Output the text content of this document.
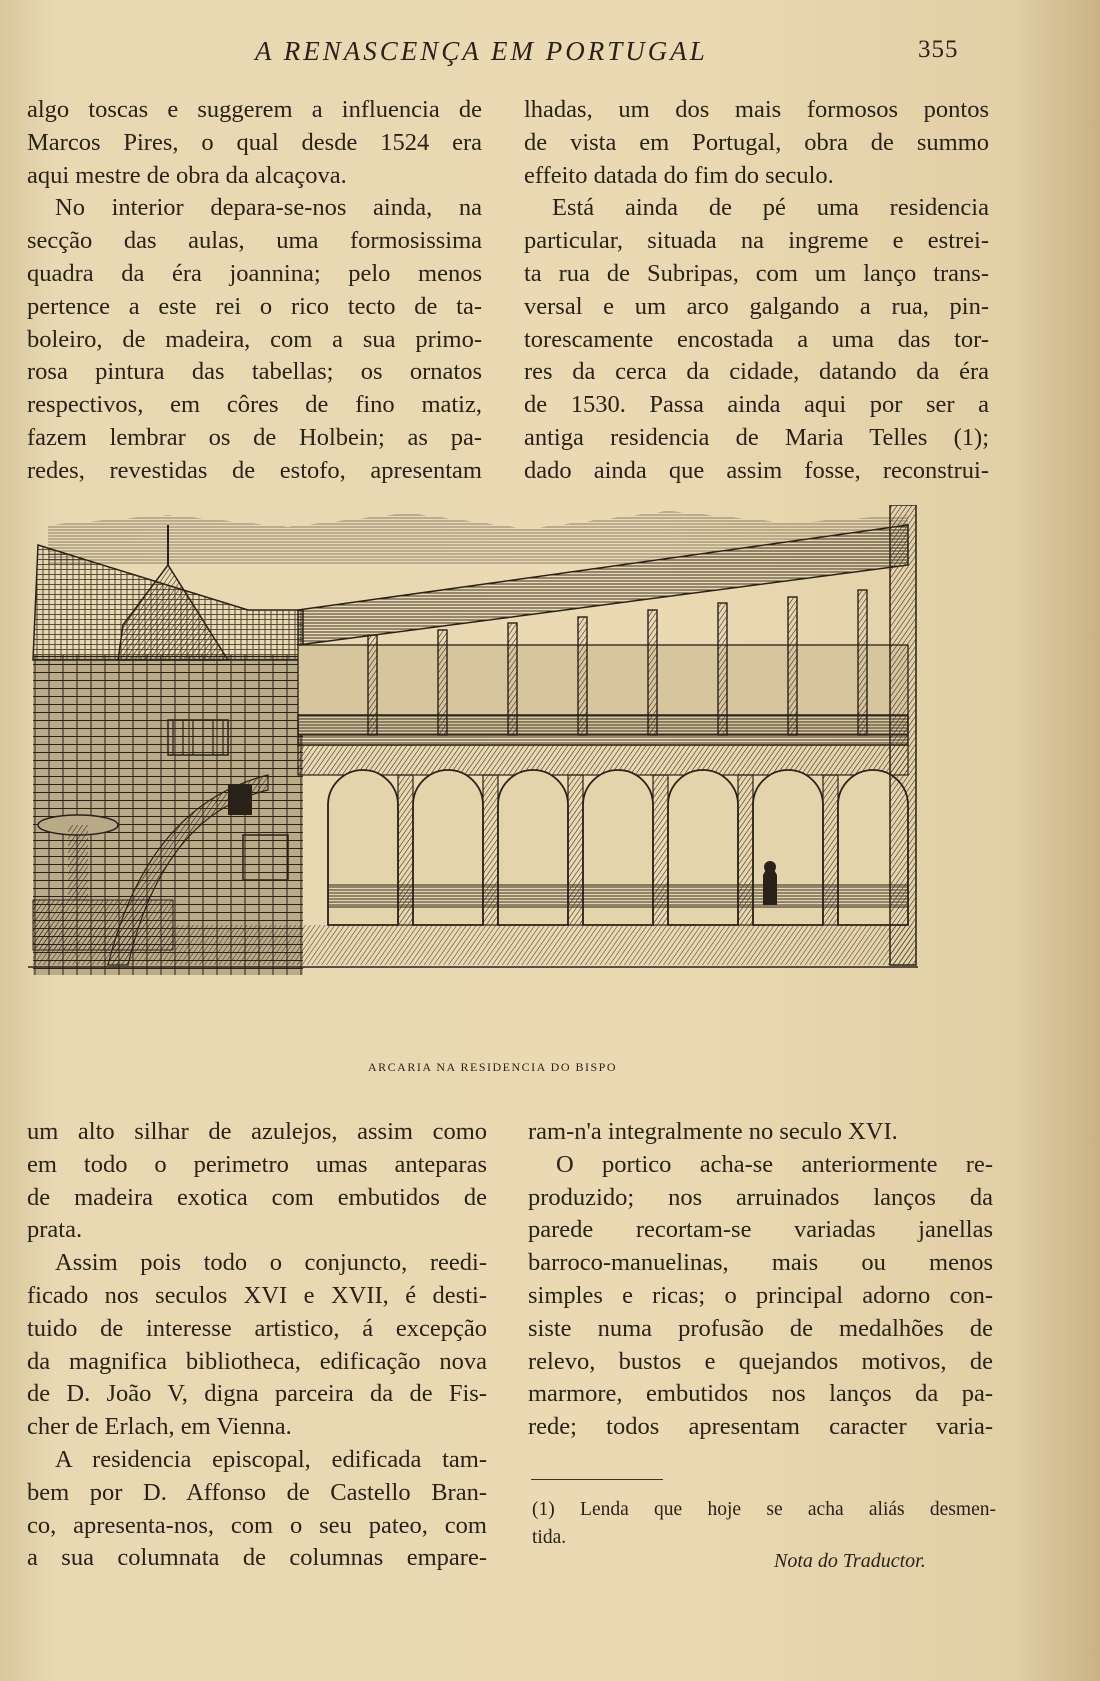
A RENASCENÇA EM PORTUGAL	355
algo toscas e suggerem a influencia de
Marcos Pires, o qual desde 1524 era
aqui mestre de obra da alcaçova.
No interior depara-se-nos ainda, na
secção das aulas, uma formosissima
quadra da éra joannina; pelo menos
pertence a este rei o rico tecto de ta-
boleiro, de madeira, com a sua primo-
rosa pintura das tabellas; os ornatos
respectivos, em côres de fino matiz,
fazem lembrar os de Holbein; as pa-
redes, revestidas de estofo, apresentam
lhadas, um dos mais formosos pontos
de vista em Portugal, obra de summo
effeito datada do fim do seculo.
Está ainda de pé uma residencia
particular, situada na ingreme e estrei-
ta rua de Subripas, com um lanço trans-
versal e um arco galgando a rua, pin-
torescamente encostada a uma das tor-
res da cerca da cidade, datando da éra
de 1530. Passa ainda aqui por ser a
antiga residencia de Maria Telles (1);
dado ainda que assim fosse, reconstrui-
ARCARIA NA RESIDENCIA DO BISPO
um alto silhar de azulejos, assim como
em todo o perimetro umas anteparas
de madeira exotica com embutidos de
prata.
Assim pois todo o conjuncto, reedi-
ficado nos seculos XVI e XVII, é desti-
tuido de interesse artistico, á excepção
da magnifica bibliotheca, edificação nova
de D. João V, digna parceira da de Fis-
cher de Erlach, em Vienna.
A residencia episcopal, edificada tam-
bem por D. Affonso de Castello Bran-
co, apresenta-nos, com o seu pateo, com
a sua columnata de columnas empare-
ram-n'a integralmente no seculo XVI.
O portico acha-se anteriormente re-
produzido; nos arruinados lanços da
parede recortam-se variadas janellas
barroco-manuelinas, mais ou menos
simples e ricas; o principal adorno con-
siste numa profusão de medalhões de
relevo, bustos e quejandos motivos, de
marmore, embutidos nos lanços da pa-
rede; todos apresentam caracter varia-
(1) Lenda que hoje se acha aliás desmen-
tida.
Nota do Traductor.
